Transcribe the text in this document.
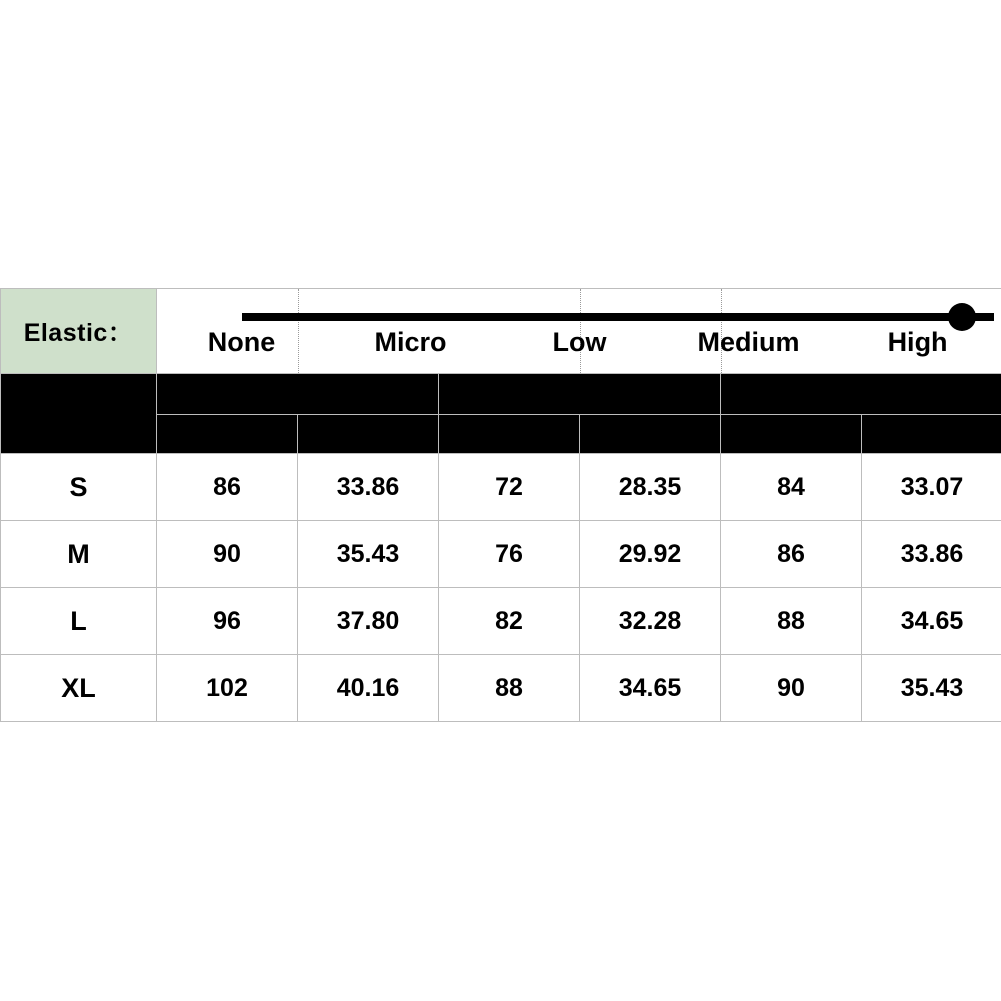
Elastic：	None Micro Low Medium High					

Size	Bust		Waist		Length	
	cm	inch	cm	inch	cm	inch
S	86	33.86	72	28.35	84	33.07
M	90	35.43	76	29.92	86	33.86
L	96	37.80	82	32.28	88	34.65
XL	102	40.16	88	34.65	90	35.43
